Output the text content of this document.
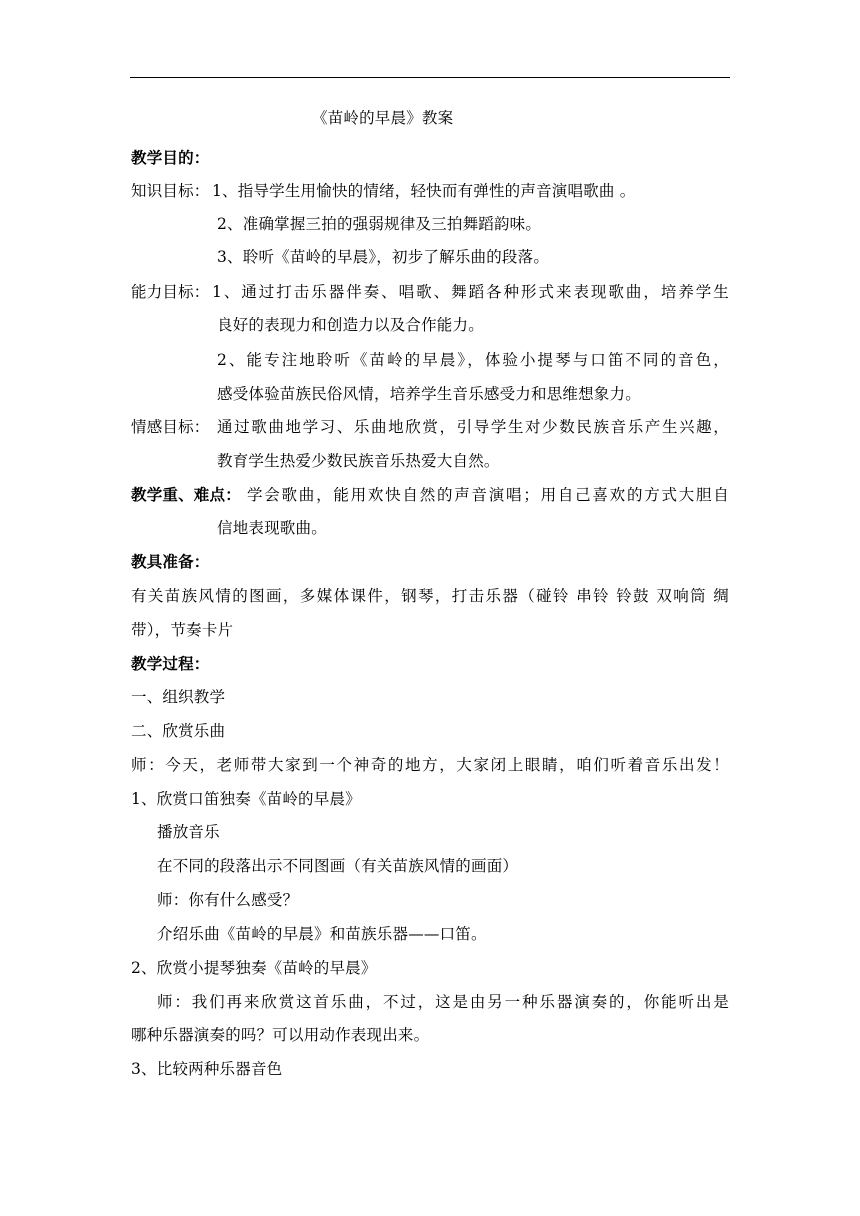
《苗岭的早晨》教案
教学目的：
知识目标： 1、指导学生用愉快的情绪，轻快而有弹性的声音演唱歌曲 。
2、准确掌握三拍的强弱规律及三拍舞蹈韵味。
3、聆听《苗岭的早晨》，初步了解乐曲的段落。
能力目标： 1、通过打击乐器伴奏、唱歌、舞蹈各种形式来表现歌曲，培养学生
良好的表现力和创造力以及合作能力。
2、能专注地聆听《苗岭的早晨》，体验小提琴与口笛不同的音色，
感受体验苗族民俗风情，培养学生音乐感受力和思维想象力。
情感目标： 通过歌曲地学习、乐曲地欣赏，引导学生对少数民族音乐产生兴趣，
教育学生热爱少数民族音乐热爱大自然。
教学重、难点： 学会歌曲，能用欢快自然的声音演唱；用自己喜欢的方式大胆自
信地表现歌曲。
教具准备：
有关苗族风情的图画，多媒体课件，钢琴，打击乐器（碰铃 串铃 铃鼓 双响筒 绸
带），节奏卡片
教学过程：
一、组织教学
二、欣赏乐曲
师：今天，老师带大家到一个神奇的地方，大家闭上眼睛，咱们听着音乐出发！
1、欣赏口笛独奏《苗岭的早晨》
播放音乐
在不同的段落出示不同图画（有关苗族风情的画面）
师：你有什么感受？
介绍乐曲《苗岭的早晨》和苗族乐器——口笛。
2、欣赏小提琴独奏《苗岭的早晨》
师：我们再来欣赏这首乐曲，不过，这是由另一种乐器演奏的，你能听出是
哪种乐器演奏的吗？可以用动作表现出来。
3、比较两种乐器音色
